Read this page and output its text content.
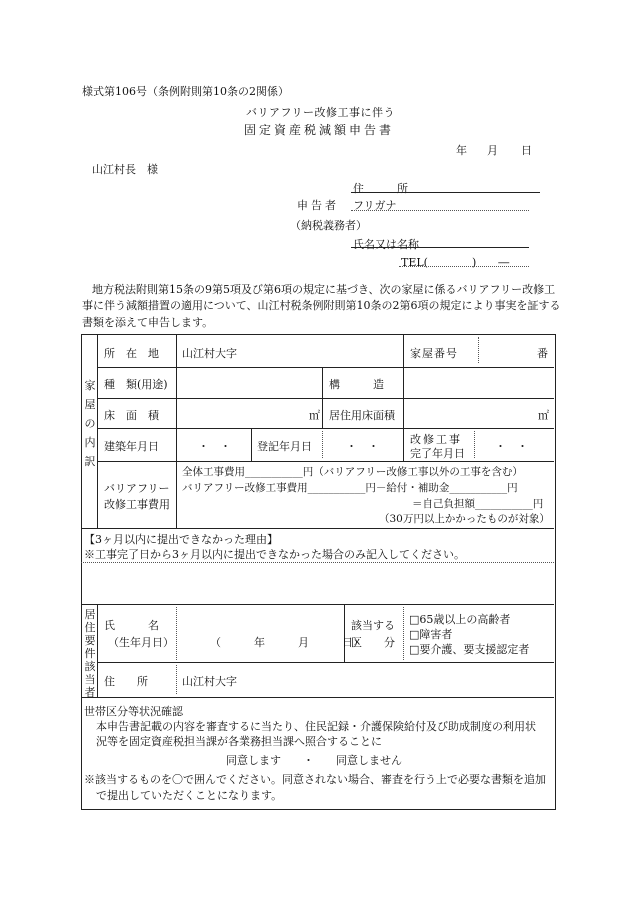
様式第106号（条例附則第10条の2関係）
バリアフリー改修工事に伴う
固定資産税減額申告書
年 月 日
山江村長　様
住　　　所
申告者 フリガナ
（納税義務者）
氏名又は名称
TEL(　　　　)　　―
地方税法附則第15条の9第5項及び第6項の規定に基づき、次の家屋に係るバリアフリー改修工
事に伴う減額措置の適用について、山江村税条例附則第10条の2第6項の規定により事実を証する
書類を添えて申告します。
家屋の内訳
所　在　地 山江村大字	家屋番号	番
種　類(用途)	構　　　造
床　面　積	㎡ 居住用床面積	㎡
建築年月日	・　・ 登記年月日	・　・
改修工事
完了年月日
・　・
バリアフリー
改修工事費用
全体工事費用___________円（バリアフリー改修工事以外の工事を含む）
バリアフリー改修工事費用___________円－給付・補助金___________円
＝自己負担額___________円
（30万円以上かかったものが対象）
【3ヶ月以内に提出できなかった理由】
※工事完了日から3ヶ月以内に提出できなかった場合のみ記入してください。
居住要件該当者
氏　　　名
（生年月日）	（　　　年　　　月　　　日）
該当する
区　　分
□65歳以上の高齢者
□障害者
□要介護、要支援認定者
住　　所	山江村大字
世帯区分等状況確認
本申告書記載の内容を審査するに当たり、住民記録・介護保険給付及び助成制度の利用状
況等を固定資産税担当課が各業務担当課へ照合することに
同意します　　・　　同意しません
※該当するものを〇で囲んでください。同意されない場合、審査を行う上で必要な書類を追加
で提出していただくことになります。
